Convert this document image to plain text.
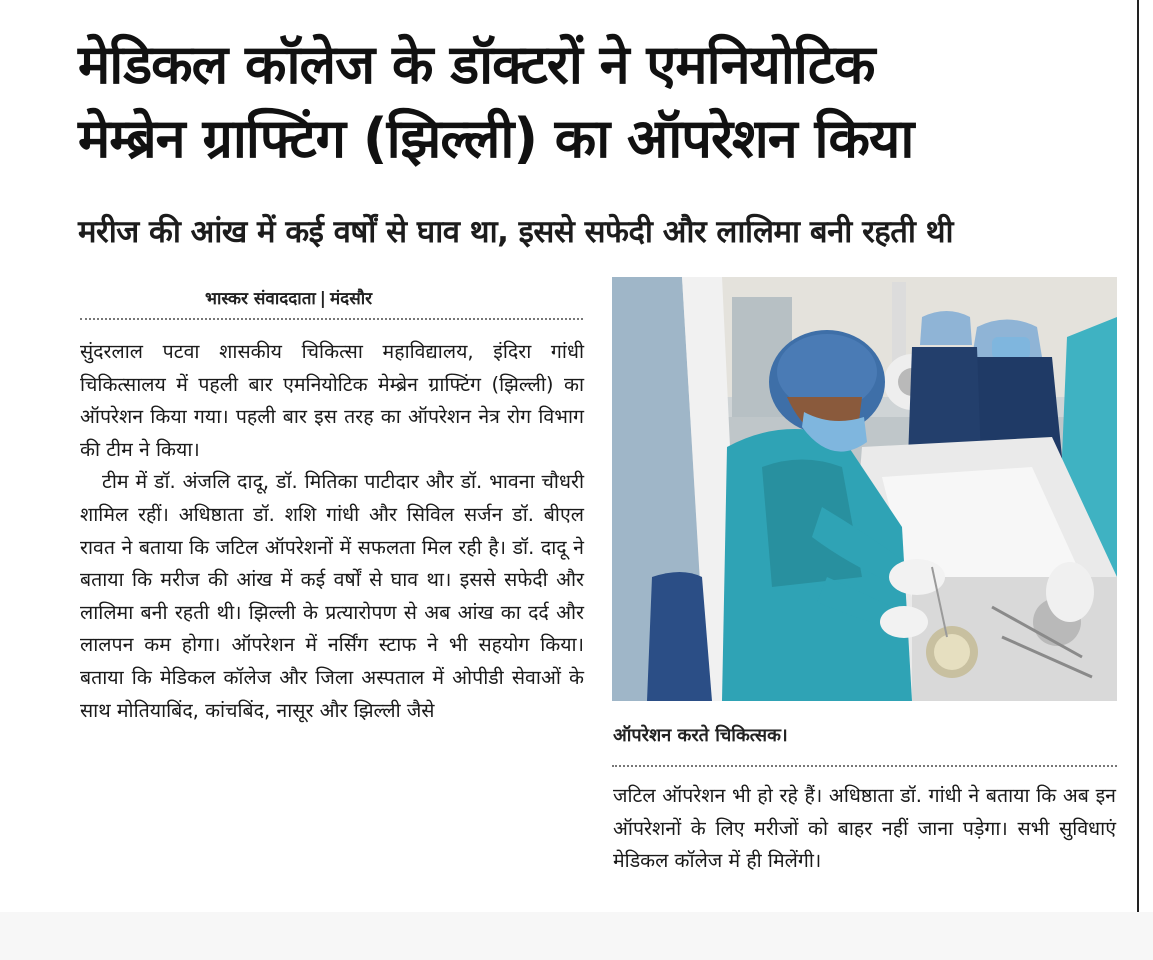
मेडिकल कॉलेज के डॉक्टरों ने एमनियोटिक
मेम्ब्रेन ग्राफ्टिंग (झिल्ली) का ऑपरेशन किया
मरीज की आंख में कई वर्षों से घाव था, इससे सफेदी और लालिमा बनी रहती थी
भास्कर संवाददाता | मंदसौर

सुंदरलाल पटवा शासकीय चिकित्सा महाविद्यालय, इंदिरा गांधी चिकित्सालय में पहली बार एमनियोटिक मेम्ब्रेन ग्राफ्टिंग (झिल्ली) का ऑपरेशन किया गया। पहली बार इस तरह का ऑपरेशन नेत्र रोग विभाग की टीम ने किया।

टीम में डॉ. अंजलि दादू, डॉ. मितिका पाटीदार और डॉ. भावना चौधरी शामिल रहीं। अधिष्ठाता डॉ. शशि गांधी और सिविल सर्जन डॉ. बीएल रावत ने बताया कि जटिल ऑपरेशनों में सफलता मिल रही है। डॉ. दादू ने बताया कि मरीज की आंख में कई वर्षों से घाव था। इससे सफेदी और लालिमा बनी रहती थी। झिल्ली के प्रत्यारोपण से अब आंख का दर्द और लालपन कम होगा। ऑपरेशन में नर्सिंग स्टाफ ने भी सहयोग किया। बताया कि मेडिकल कॉलेज और जिला अस्पताल में ओपीडी सेवाओं के साथ मोतियाबिंद, कांचबिंद, नासूर और झिल्ली जैसे

ऑपरेशन करते चिकित्सक।

जटिल ऑपरेशन भी हो रहे हैं। अधिष्ठाता डॉ. गांधी ने बताया कि अब इन ऑपरेशनों के लिए मरीजों को बाहर नहीं जाना पड़ेगा। सभी सुविधाएं मेडिकल कॉलेज में ही मिलेंगी।
